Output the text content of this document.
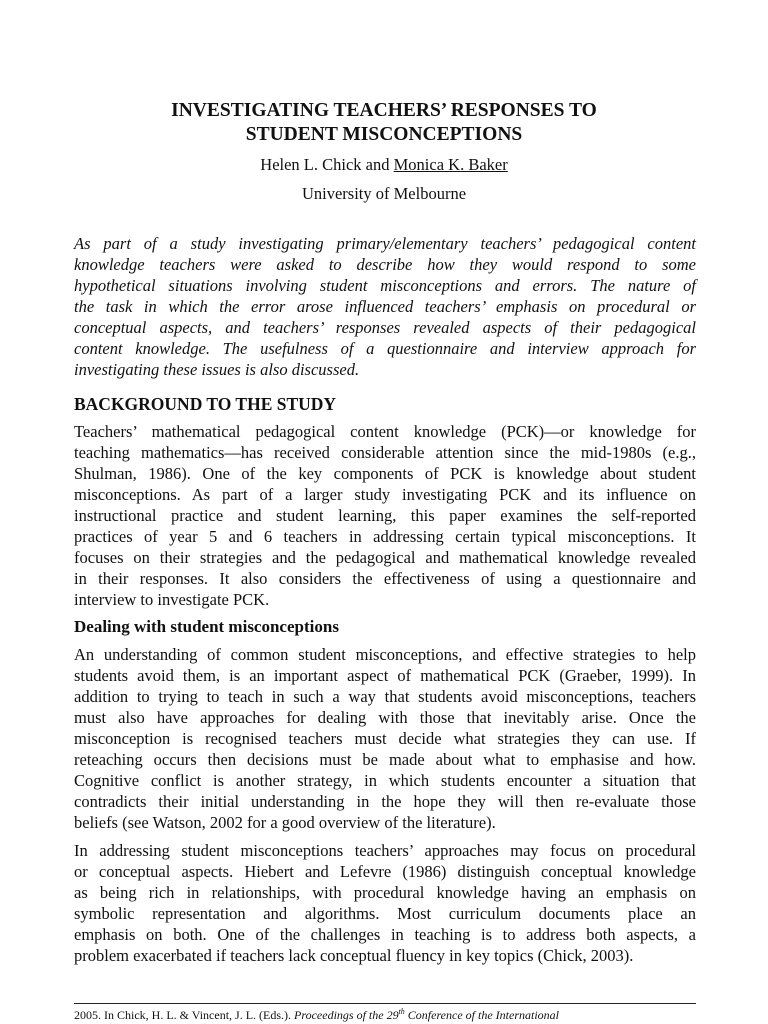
INVESTIGATING TEACHERS’ RESPONSES TO
STUDENT MISCONCEPTIONS
Helen L. Chick and Monica K. Baker
University of Melbourne
As part of a study investigating primary/elementary teachers’ pedagogical content
knowledge teachers were asked to describe how they would respond to some
hypothetical situations involving student misconceptions and errors. The nature of
the task in which the error arose influenced teachers’ emphasis on procedural or
conceptual aspects, and teachers’ responses revealed aspects of their pedagogical
content knowledge. The usefulness of a questionnaire and interview approach for
investigating these issues is also discussed.
BACKGROUND TO THE STUDY
Teachers’ mathematical pedagogical content knowledge (PCK)—or knowledge for
teaching mathematics—has received considerable attention since the mid-1980s (e.g.,
Shulman, 1986). One of the key components of PCK is knowledge about student
misconceptions. As part of a larger study investigating PCK and its influence on
instructional practice and student learning, this paper examines the self-reported
practices of year 5 and 6 teachers in addressing certain typical misconceptions. It
focuses on their strategies and the pedagogical and mathematical knowledge revealed
in their responses. It also considers the effectiveness of using a questionnaire and
interview to investigate PCK.
Dealing with student misconceptions
An understanding of common student misconceptions, and effective strategies to help
students avoid them, is an important aspect of mathematical PCK (Graeber, 1999). In
addition to trying to teach in such a way that students avoid misconceptions, teachers
must also have approaches for dealing with those that inevitably arise. Once the
misconception is recognised teachers must decide what strategies they can use. If
reteaching occurs then decisions must be made about what to emphasise and how.
Cognitive conflict is another strategy, in which students encounter a situation that
contradicts their initial understanding in the hope they will then re-evaluate those
beliefs (see Watson, 2002 for a good overview of the literature).
In addressing student misconceptions teachers’ approaches may focus on procedural
or conceptual aspects. Hiebert and Lefevre (1986) distinguish conceptual knowledge
as being rich in relationships, with procedural knowledge having an emphasis on
symbolic representation and algorithms. Most curriculum documents place an
emphasis on both. One of the challenges in teaching is to address both aspects, a
problem exacerbated if teachers lack conceptual fluency in key topics (Chick, 2003).
2005. In Chick, H. L. & Vincent, J. L. (Eds.). Proceedings of the 29th Conference of the International
